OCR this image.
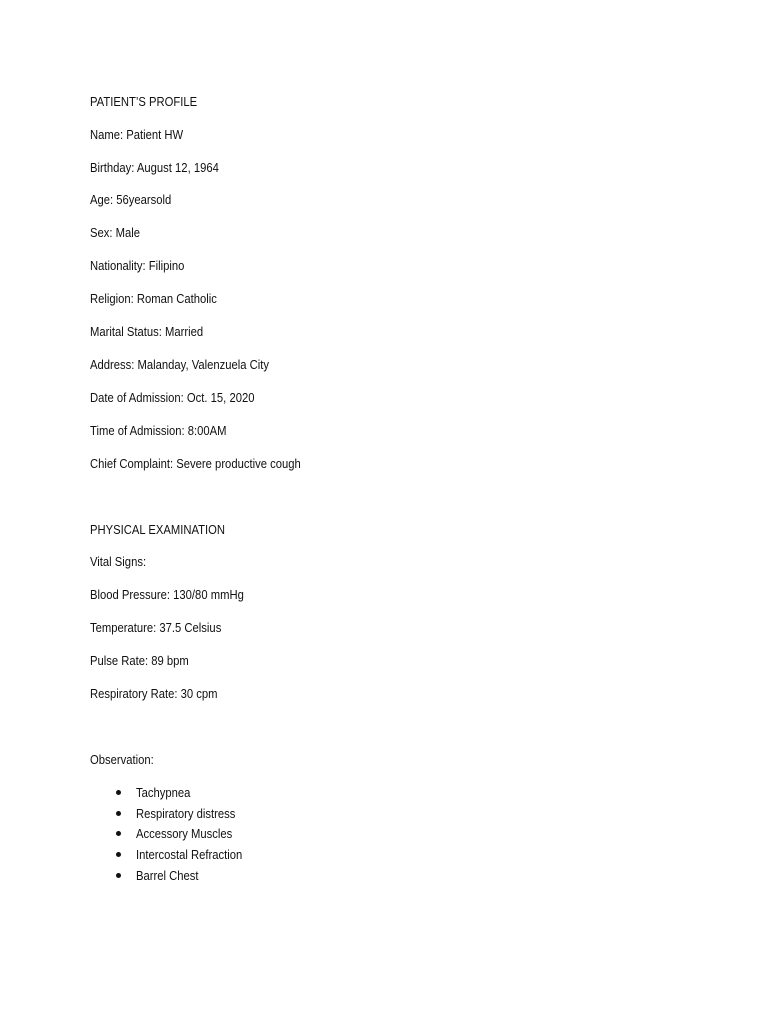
PATIENT’S PROFILE
Name: Patient HW
Birthday: August 12, 1964
Age: 56yearsold
Sex: Male
Nationality: Filipino
Religion: Roman Catholic
Marital Status: Married
Address: Malanday, Valenzuela City
Date of Admission: Oct. 15, 2020
Time of Admission: 8:00AM
Chief Complaint: Severe productive cough
PHYSICAL EXAMINATION
Vital Signs:
Blood Pressure: 130/80 mmHg
Temperature: 37.5 Celsius
Pulse Rate: 89 bpm
Respiratory Rate: 30 cpm
Observation:
Tachypnea
Respiratory distress
Accessory Muscles
Intercostal Refraction
Barrel Chest
